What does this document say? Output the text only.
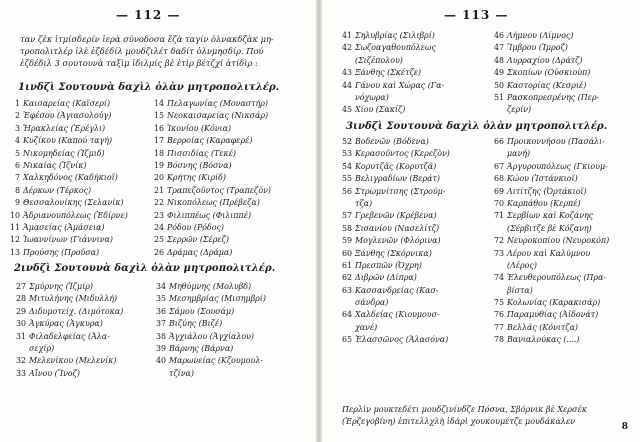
— 112 —
ταν ζὲκ ἰτμίσδερίν ἱερὰ σύνοδοσα ἔζὰ ταγίν ὀλνακδζὰκ μη-
τροπολιτλέρ ἰλὲ ἐζδέδίλ μουδζιλέτ δαδίτ ὀλνμησδίρ. Πού
ἐζδέδιλ 3 σουτουνὰ ταξὶμ ἰδιλμίς βὲ ἐτὶρ βέτζχί ἀτίδὶρ :
1ινδζὶ Σουτουνὰ δαχὶλ ὀλὰν μητροπολιτλέρ.
1 Καισαρείας (Καϊσερί)
2 Ἐφέσου (Ἀγιασολούγ)
3 Ἡρακλείας (Ἐρέγλι)
4 Κυζίκου (Καπού ταγή)
5 Νικομηδείας (Ἰζμιδ)
6 Νικαίας (Ἰζνίκ)
7 Χαλκηδόνος (Καδήκιοϊ)
8 Δέρκων (Τέρκος)
9 Θεσσαλονίκης (Σελανίκ)
10 Ἀδριανουπόλεως (Ἐδίρνε)
11 Ἀμασείας (Ἀμάσεια)
12 Ἰωαννίνων (Γιάννινα)
13 Προύσης (Προῦσα)
14 Πελαγωνίας (Μοναστήρ)
15 Νεοκαισαρείας (Νικσάρ)
16 Ἰκονίου (Κόνια)
17 Βερροίας (Καραφερέ)
18 Πισσιδίας (Τεκέ)
19 Βόσνης (Βόσνα)
20 Κρήτης (Κιρίδ)
21 Τραπεζοῦντος (Τραπεζὸν)
22 Νικοπόλεως (Πρέβεζα)
23 Φιλιππέως (Φιλιππέ)
24 Ρόδου (Ρόδος)
25 Σερρῶν (Σέρεζ)
26 Δράμας (Δράμα)
2ινδζὶ Σουτουνὰ δαχὶλ ὀλὰν μητροπολιτλέρ.
27 Σμύρνης (Ἰζμίρ)
28 Μιτυλήνης (Μιδυλλή)
29 Διδυμοτείχ. (Διμότοκα)
30 Ἀγκύρας (Ἀγκυρα)
31 Φιλαδελφείας (Ἀλα-
σεχίρ)
32 Μελενίκου (Μελενίκ)
33 Αἴνου (Ἴνοζ)
34 Μηθύμνης (Μολυβδ)
35 Μεσημβρίας (Μισημβρί)
36 Σάμου (Σουσάμ)
37 Βιζύης (Βιζέ)
38 Ἀγχιάλου (Ἀγχίαλου)
39 Βάρνης (Βάρνα)
40 Μαρωνείας (Κζουμουλ-
τζίνα)
— 113 —
41 Σηλυβρίας (Σιλιβρί)
42 Σωζοαγαθουπόλεως
(Σιζέπολου)
43 Ξάνθης (Σκέτζε)
44 Γάνου καὶ Χώρας (Γα-
νόχωρα)
45 Χίου (Σακίζ)
46 Λήμνου (Λίμνος)
47 Ἴμβρου (Ἰμροζ)
48 Λυρραχίου (Δράτζ)
49 Σκοπίων (Οὐσκιοὺπ)
50 Καστορίας (Κεσριέ)
51 Ρασκοπρεσρένης (Περ-
ζερίν)
3ινδζὶ Σουτουνὰ δαχὶλ ὀλὰν μητροπολιτλέρ.
52 Βοδενῶν (Βόδενα)
53 Κερασοῦντος (Κερεζὸν)
54 Κορυτζᾶς (Κορυτζᾶ)
55 Βελιγραδίων (Βεράτ)
56 Στρωμνίτσης (Στρούμ-
τζα)
57 Γρεβενῶν (Κρέβενα)
58 Σισανίου (Νασελίτζ)
59 Μογλενῶν (Φλόρινα)
60 Ξάνθης (Σκόρνικα)
61 Πρεσπῶν (Ὀχρη)
62 Διβρῶν (Δίπρα)
63 Κασσανδρείας (Κασ-
σάνδρα)
64 Χαλδείας (Κιουμουσ-
χανέ)
65 Ἐλασσῶνος (Ἀλασόνα)
66 Προικοννήσου (Πασάλι-
μανή)
67 Ἀργυρουπόλεως (Γκιουμ-
68 Κώου (Ἰστάνκιοϊ)
69 Λιτίτζης (Ὀρτάκιοϊ)
70 Καρπάθου (Κερπέ)
71 Σερβίων καὶ Κοζάνης
(Σέρβιτζε βὲ Κόζανη)
72 Νευροκοπίου (Νευροκόπ)
73 Λέρου καὶ Καλύμνου
(Λέρος)
74 Ἐλευθερουπόλεως (Πρα-
βίστα)
75 Κολωνίας (Καρακισάρ)
76 Παραμυθίας (Ἀϊδονάτ)
77 Βελλᾶς (Κόνιτζα)
78 Βανιαλούκας (....)
Περλὶν μουκτεδέτι μουδζινίνδζε Πόσνα, Σβόρνικ βὲ Χερσέκ
(Ἐρζεγοβίνη) ἐπιτελλχλὴ ἰδάρὶ χουκουμέτζε μουδάκαλεν
8
